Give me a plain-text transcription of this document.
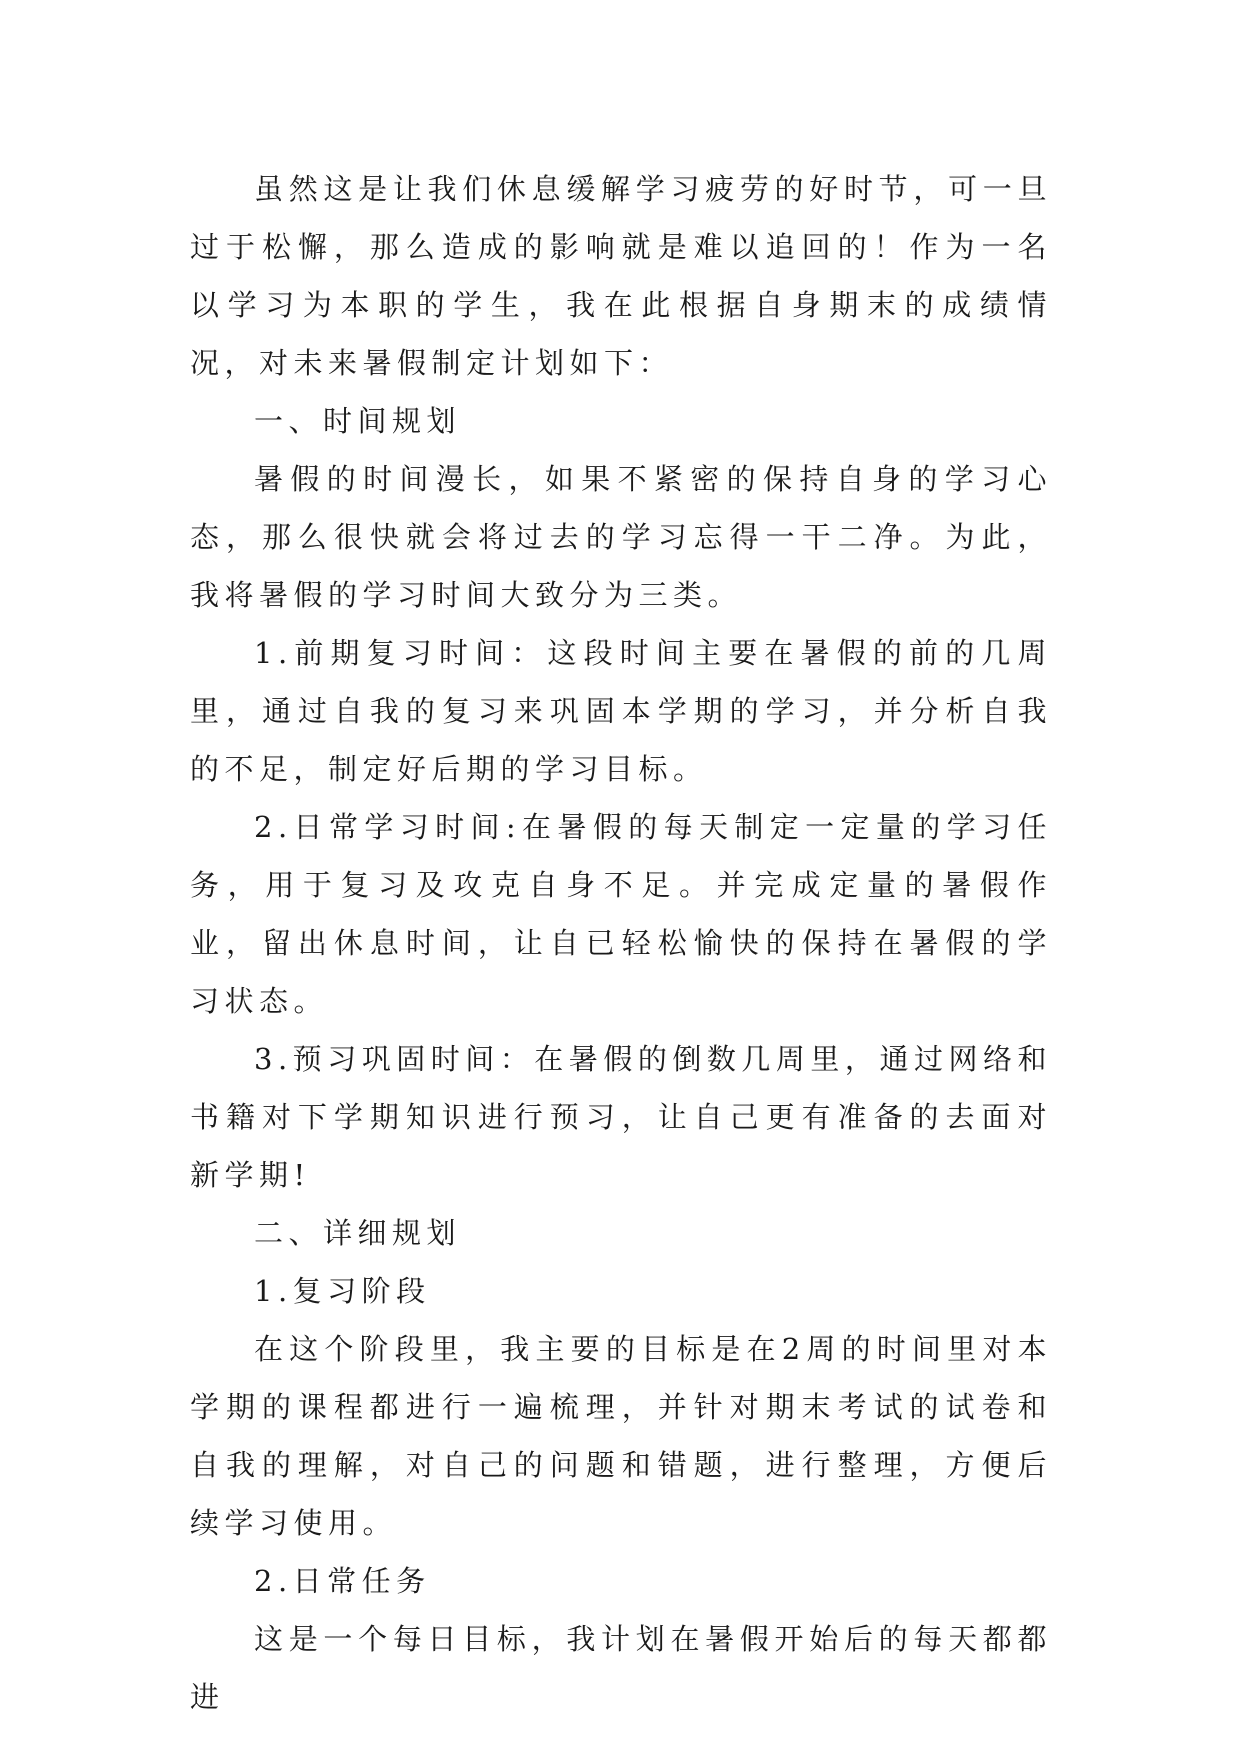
虽然这是让我们休息缓解学习疲劳的好时节，可一旦过于松懈，那么造成的影响就是难以追回的！作为一名以学习为本职的学生，我在此根据自身期末的成绩情况，对未来暑假制定计划如下：

一、时间规划

暑假的时间漫长，如果不紧密的保持自身的学习心态，那么很快就会将过去的学习忘得一干二净。为此，我将暑假的学习时间大致分为三类。

1.前期复习时间：这段时间主要在暑假的前的几周里，通过自我的复习来巩固本学期的学习，并分析自我的不足，制定好后期的学习目标。

2.日常学习时间:在暑假的每天制定一定量的学习任务，用于复习及攻克自身不足。并完成定量的暑假作业，留出休息时间，让自已轻松愉快的保持在暑假的学习状态。

3.预习巩固时间：在暑假的倒数几周里，通过网络和书籍对下学期知识进行预习，让自己更有准备的去面对新学期!

二、详细规划

1.复习阶段

在这个阶段里，我主要的目标是在2周的时间里对本学期的课程都进行一遍梳理，并针对期末考试的试卷和自我的理解，对自己的问题和错题，进行整理，方便后续学习使用。

2.日常任务

这是一个每日目标，我计划在暑假开始后的每天都都进
